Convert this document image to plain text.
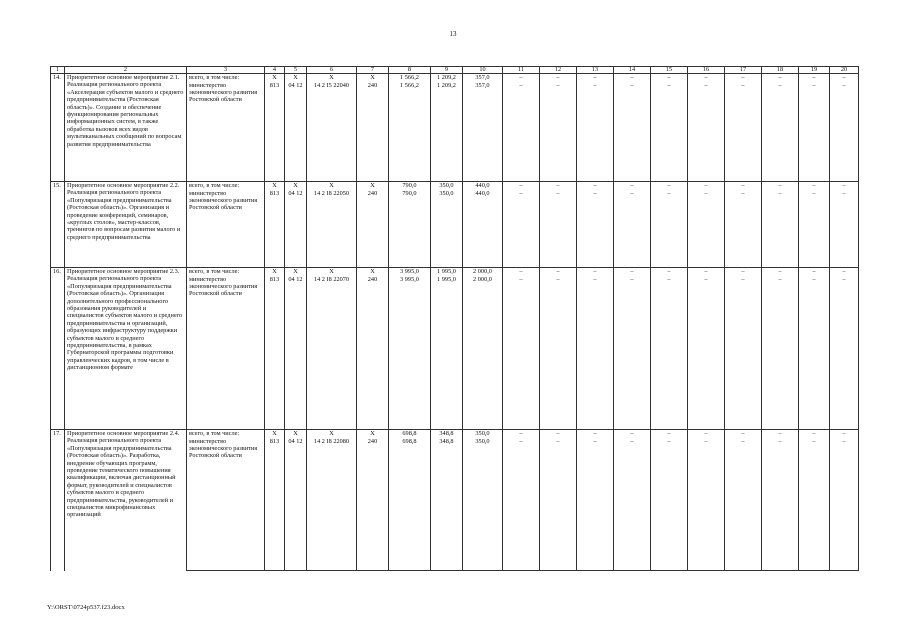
13
1	2	3	4	5	6	7	8	9	10	11	12	13	14	15	16	17	18	19	20
14.	Приоритетное основное мероприятие 2.1. Реализация регионального проекта «Акселерация субъектов малого и среднего предпринимательства (Ростовская область)». Создание и обеспечение функционирования региональных информационных систем, в также обработка вызовов всех видов мультиканальных сообщений по вопросам развития предпринимательства	всего, в том числе:	Х	Х	Х	Х	1 566,2	1 209,2	357,0	–	–	–	–	–	–	–	–	–	–
		министерство экономического развития Ростовской области	813	04 12	14 2 I5 22040	240	1 566,2	1 209,2	357,0	–	–	–	–	–	–	–	–	–	–
15.	Приоритетное основное мероприятие 2.2. Реализация регионального проекта «Популяризация предпринимательства (Ростовская область)». Организация и проведение конференций, семинаров, «круглых столов», мастер-классов, тренингов по вопросам развития малого и среднего предпринимательства	всего, в том числе:	Х	Х	Х	Х	790,0	350,0	440,0	–	–	–	–	–	–	–	–	–	–
		министерство экономического развития Ростовской области	813	04 12	14 2 I8 22050	240	790,0	350,0	440,0	–	–	–	–	–	–	–	–	–	–
16.	Приоритетное основное мероприятие 2.3. Реализация регионального проекта «Популяризация предпринимательства (Ростовская область)». Организация дополнительного профессионального образования руководителей и специалистов субъектов малого и среднего предпринимательства и организаций, образующих инфраструктуру поддержки субъектов малого и среднего предпринимательства, в рамках Губернаторской программы подготовки управленческих кадров, в том числе в дистанционном формате	всего, в том числе:	Х	Х	Х	Х	3 995,0	1 995,0	2 000,0	–	–	–	–	–	–	–	–	–	–
		министерство экономического развития Ростовской области	813	04 12	14 2 I8 22070	240	3 995,0	1 995,0	2 000,0	–	–	–	–	–	–	–	–	–	–
17.	Приоритетное основное мероприятие 2.4. Реализация регионального проекта «Популяризация предпринимательства (Ростовская область)». Разработка, внедрение обучающих программ, проведение тематического повышения квалификации, включая дистанционный формат, руководителей и специалистов субъектов малого и среднего предпринимательства, руководителей и специалистов микрофинансовых организаций	всего, в том числе:	Х	Х	Х	Х	698,8	348,8	350,0	–	–	–	–	–	–	–	–	–	–
		министерство экономического развития Ростовской области	813	04 12	14 2 I8 22080	240	698,8	348,8	350,0	–	–	–	–	–	–	–	–	–	–
Y:\ORST\0724p537.f23.docx
